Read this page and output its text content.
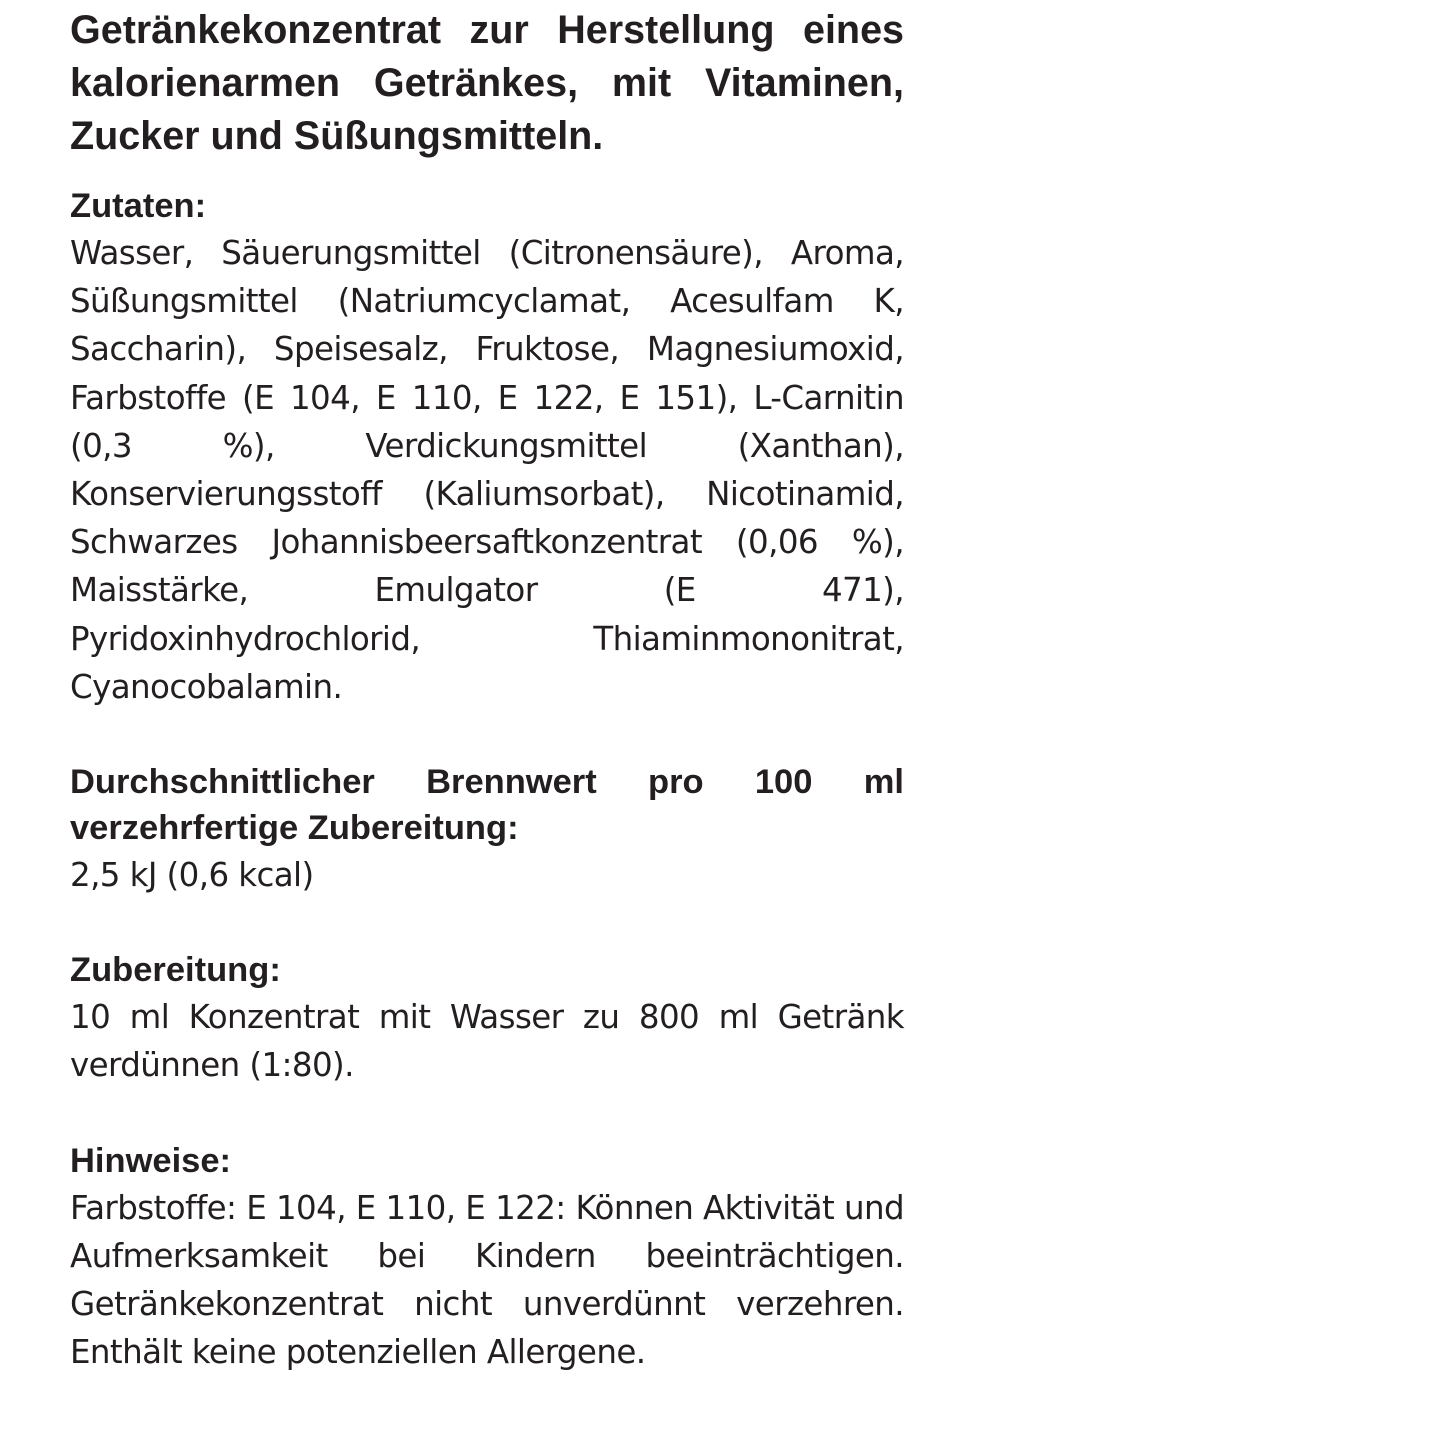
Getränkekonzentrat zur Herstellung eines kalorienarmen Getränkes, mit Vitaminen, Zucker und Süßungsmitteln.

Zutaten:

Wasser, Säuerungsmittel (Citronensäure), Aroma, Süßungsmittel (Natriumcyclamat, Acesulfam K, Saccharin), Speisesalz, Fruktose, Magnesiumoxid, Farbstoffe (E 104, E 110, E 122, E 151), L-Carnitin (0,3 %), Verdickungsmittel (Xanthan), Konservierungsstoff (Kaliumsorbat), Nicotinamid, Schwarzes Johannisbeersaftkonzentrat (0,06 %), Maisstärke, Emulgator (E 471), Pyridoxinhydrochlorid, Thiaminmononitrat, Cyanocobalamin.

Durchschnittlicher Brennwert pro 100 ml verzehrfertige Zubereitung:

2,5 kJ (0,6 kcal)

Zubereitung:

10 ml Konzentrat mit Wasser zu 800 ml Getränk verdünnen (1:80).

Hinweise:

Farbstoffe: E 104, E 110, E 122: Können Aktivität und Aufmerksamkeit bei Kindern beeinträchtigen. Getränkekonzentrat nicht unverdünnt verzehren. Enthält keine potenziellen Allergene.
